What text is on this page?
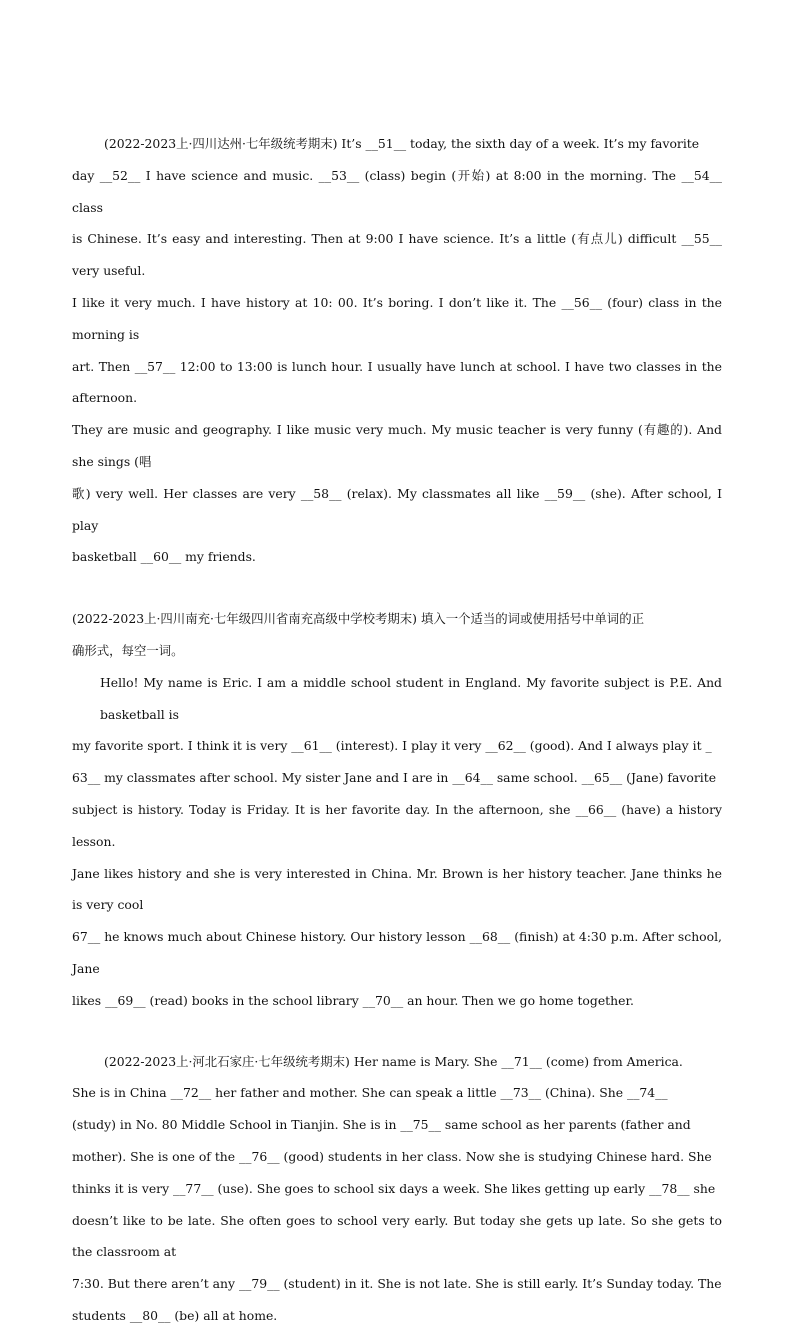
(2022-2023上·四川达州·七年级统考期末) It’s __51__ today, the sixth day of a week. It’s my favorite
day __52__ I have science and music. __53__ (class) begin (开始) at 8:00 in the morning. The __54__ class
is Chinese. It’s easy and interesting. Then at 9:00 I have science. It’s a little (有点儿) difficult __55__ very useful.
I like it very much. I have history at 10: 00. It’s boring. I don’t like it. The __56__ (four) class in the morning is
art. Then __57__ 12:00 to 13:00 is lunch hour. I usually have lunch at school. I have two classes in the afternoon.
They are music and geography. I like music very much. My music teacher is very funny (有趣的). And she sings (唱
歌) very well. Her classes are very __58__ (relax). My classmates all like __59__ (she). After school, I play
basketball __60__ my friends.
(2022-2023上·四川南充·七年级四川省南充高级中学校考期末) 填入一个适当的词或使用括号中单词的正
确形式，每空一词。
Hello! My name is Eric. I am a middle school student in England. My favorite subject is P.E. And basketball is
my favorite sport. I think it is very __61__ (interest). I play it very __62__ (good). And I always play it _
63__ my classmates after school. My sister Jane and I are in __64__ same school. __65__ (Jane) favorite
subject is history. Today is Friday. It is her favorite day. In the afternoon, she __66__ (have) a history lesson.
Jane likes history and she is very interested in China. Mr. Brown is her history teacher. Jane thinks he is very cool
67__ he knows much about Chinese history. Our history lesson __68__ (finish) at 4:30 p.m. After school, Jane
likes __69__ (read) books in the school library __70__ an hour. Then we go home together.
(2022-2023上·河北石家庄·七年级统考期末) Her name is Mary. She __71__ (come) from America.
She is in China __72__ her father and mother. She can speak a little __73__ (China). She __74__
(study) in No. 80 Middle School in Tianjin. She is in __75__ same school as her parents (father and
mother). She is one of the __76__ (good) students in her class. Now she is studying Chinese hard. She
thinks it is very __77__ (use). She goes to school six days a week. She likes getting up early __78__ she
doesn’t like to be late. She often goes to school very early. But today she gets up late. So she gets to the classroom at
7:30. But there aren’t any __79__ (student) in it. She is not late. She is still early. It’s Sunday today. The
students __80__ (be) all at home.
